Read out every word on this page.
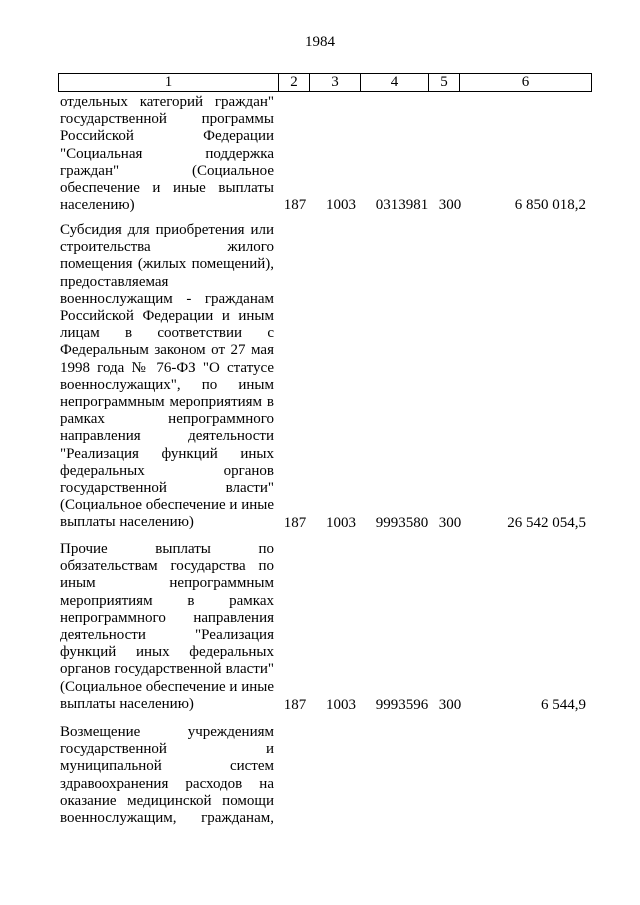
1984
1	2	3	4	5	6
отдельных категорий граждан"
государственной программы
Российской Федерации
"Социальная поддержка
граждан" (Социальное
обеспечение и иные выплаты
населению)	187	1003	0313981 300	6 850 018,2
Субсидия для приобретения или
строительства жилого
помещения (жилых помещений),
предоставляемая
военнослужащим - гражданам
Российской Федерации и иным
лицам в соответствии с
Федеральным законом от 27 мая
1998 года № 76-ФЗ "О статусе
военнослужащих", по иным
непрограммным мероприятиям в
рамках непрограммного
направления деятельности
"Реализация функций иных
федеральных органов
государственной власти"
(Социальное обеспечение и иные
выплаты населению)	187	1003	9993580 300	26 542 054,5
Прочие выплаты по
обязательствам государства по
иным непрограммным
мероприятиям в рамках
непрограммного направления
деятельности "Реализация
функций иных федеральных
органов государственной власти"
(Социальное обеспечение и иные
выплаты населению)	187	1003	9993596 300	6 544,9
Возмещение учреждениям
государственной и
муниципальной систем
здравоохранения расходов на
оказание медицинской помощи
военнослужащим, гражданам,
